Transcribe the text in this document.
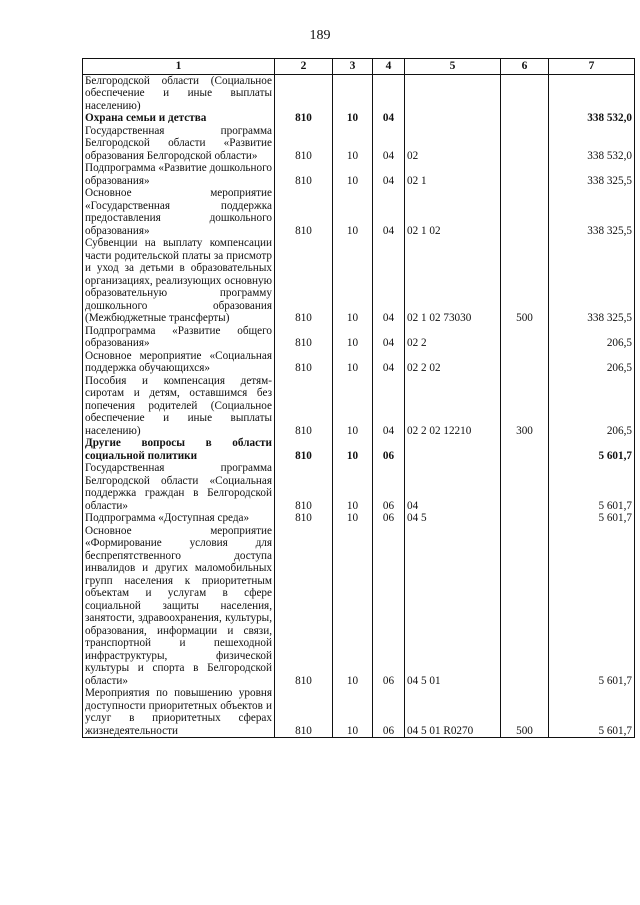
189
1	2	3	4	5	6	7
Белгородской области (Социальное обеспечение и иные выплаты населению)						
Охрана семьи и детства	810	10	04			338 532,0
Государственная программа Белгородской области «Развитие образования Белгородской области»	810	10	04	02		338 532,0
Подпрограмма «Развитие дошкольного образования»	810	10	04	02 1		338 325,5
Основное мероприятие «Государственная поддержка предоставления дошкольного образования»	810	10	04	02 1 02		338 325,5
Субвенции на выплату компенсации части родительской платы за присмотр и уход за детьми в образовательных организациях, реализующих основную образовательную программу дошкольного образования (Межбюджетные трансферты)	810	10	04	02 1 02 73030	500	338 325,5
Подпрограмма «Развитие общего образования»	810	10	04	02 2		206,5
Основное мероприятие «Социальная поддержка обучающихся»	810	10	04	02 2 02		206,5
Пособия и компенсация детям-сиротам и детям, оставшимся без попечения родителей (Социальное обеспечение и иные выплаты населению)	810	10	04	02 2 02 12210	300	206,5
Другие вопросы в области социальной политики	810	10	06			5 601,7
Государственная программа Белгородской области «Социальная поддержка граждан в Белгородской области»	810	10	06	04		5 601,7
Подпрограмма «Доступная среда»	810	10	06	04 5		5 601,7
Основное мероприятие «Формирование условия для беспрепятственного доступа инвалидов и других маломобильных групп населения к приоритетным объектам и услугам в сфере социальной защиты населения, занятости, здравоохранения, культуры, образования, информации и связи, транспортной и пешеходной инфраструктуры, физической культуры и спорта в Белгородской области»	810	10	06	04 5 01		5 601,7
Мероприятия по повышению уровня доступности приоритетных объектов и услуг в приоритетных сферах жизнедеятельности	810	10	06	04 5 01 R0270	500	5 601,7
